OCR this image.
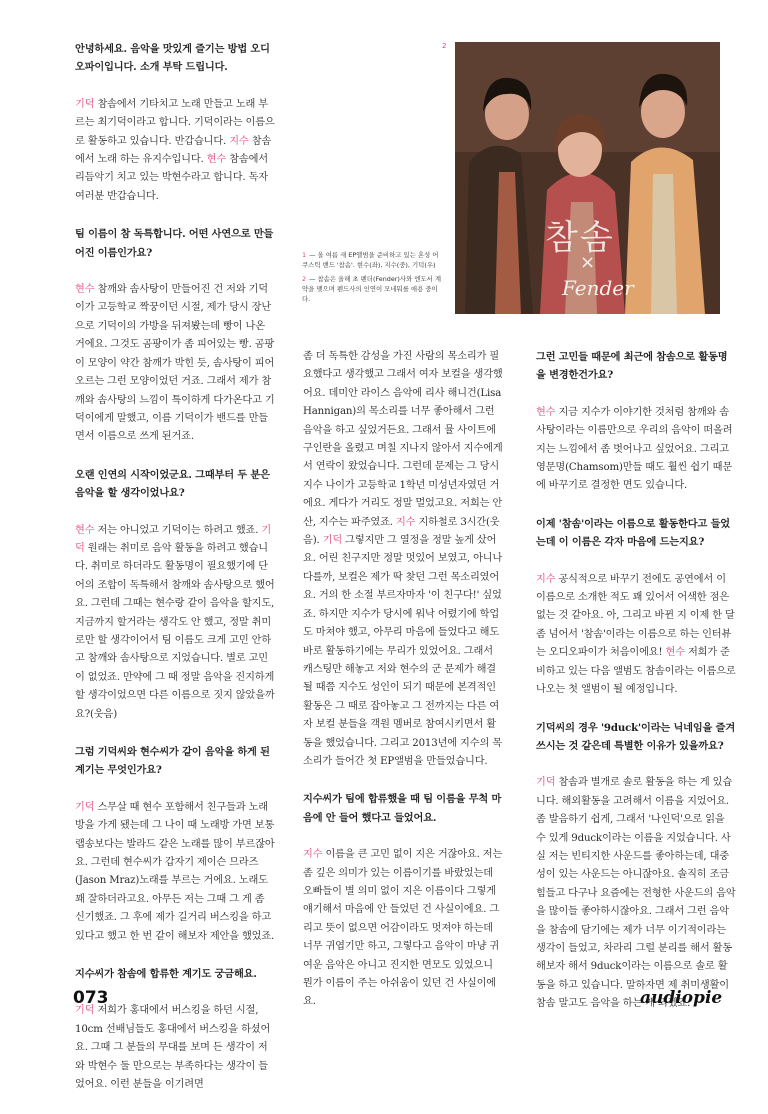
2
참솜
×
Fender
1 — 올 여름 새 EP앨범을 준비하고 있는 혼성 어쿠스틱 밴드 '참솜'. 현수(좌), 지수(중), 기덕(우)
2 — 참솜은 올해 초 펜더(Fender)사와 엔도서 계약을 맺으며 펜드사의 인연이 모네뭐를 애용 중이다.

안녕하세요. 음악을 맛있게 즐기는 방법 오디오파이입니다. 소개 부탁 드립니다.

기덕 참솜에서 기타치고 노래 만들고 노래 부르는 최기덕이라고 합니다. 기덕이라는 이름으로 활동하고 있습니다. 반갑습니다. 지수 참솜에서 노래 하는 유지수입니다. 현수 참솜에서 리듬악기 치고 있는 박현수라고 합니다. 독자 여러분 반갑습니다.

팀 이름이 참 독특합니다. 어떤 사연으로 만들어진 이름인가요?

현수 참깨와 솜사탕이 만들어진 건 저와 기덕이가 고등학교 짝꿍이던 시절, 제가 당시 장난으로 기덕이의 가방을 뒤져봤는데 빵이 나온 거에요. 그것도 곰팡이가 좀 피어있는 빵. 곰팡이 모양이 약간 참깨가 박힌 듯, 솜사탕이 피어 오르는 그런 모양이었던 거죠. 그래서 제가 참깨와 솜사탕의 느낌이 특이하게 다가온다고 기덕이에게 말했고, 이름 기덕이가 밴드를 만들면서 이름으로 쓰게 된거죠.

오랜 인연의 시작이었군요. 그때부터 두 분은 음악을 할 생각이었나요?

현수 저는 아니었고 기덕이는 하려고 했죠. 기덕 원래는 취미로 음악 활동을 하려고 했습니다. 취미로 하더라도 활동명이 필요했기에 단어의 조합이 독특해서 참깨와 솜사탕으로 했어요. 그런데 그때는 현수랑 같이 음악을 할지도, 지금까지 할거라는 생각도 안 했고, 정말 취미로만 할 생각이어서 팀 이름도 크게 고민 안하고 참깨와 솜사탕으로 지었습니다. 별로 고민이 없었죠. 만약에 그 때 정말 음악을 진지하게 할 생각이었으면 다른 이름으로 짓지 않았을까요?(웃음)

그럼 기덕씨와 현수씨가 같이 음악을 하게 된 계기는 무엇인가요?

기덕 스무살 때 현수 포함해서 친구들과 노래방을 가게 됐는데 그 나이 때 노래방 가면 보통 랩송보다는 발라드 같은 노래를 많이 부르잖아요. 그런데 현수씨가 갑자기 제이슨 므라즈(Jason Mraz)노래를 부르는 거에요. 노래도 꽤 잘하더라고요. 아무든 저는 그때 그 게 좀 신기했죠. 그 후에 제가 길거리 버스킹을 하고 있다고 했고 한 번 같이 해보자 제안을 했었죠.

지수씨가 참솜에 합류한 계기도 궁금해요.

기덕 저희가 홍대에서 버스킹을 하던 시절, 10cm 선배님들도 홍대에서 버스킹을 하셨어요. 그때 그 분들의 무대를 보며 든 생각이 저와 박현수 둘 만으로는 부족하다는 생각이 들었어요. 이런 분들을 이기려면

좀 더 독특한 감성을 가진 사람의 목소리가 필요했다고 생각했고 그래서 여자 보컬을 생각했어요. 데미안 라이스 음악에 리사 해니건(Lisa Hannigan)의 목소리를 너무 좋아해서 그런 음악을 하고 싶었거든요. 그래서 뮬 사이트에 구인란을 올렸고 며칠 지나지 않아서 지수에게서 연락이 왔었습니다. 그런데 문제는 그 당시 지수 나이가 고등학교 1학년 미성년자였던 거에요. 게다가 거리도 정말 멀었고요. 저희는 안산, 지수는 파주였죠. 지수 지하철로 3시간(웃음). 기덕 그렇지만 그 열정을 정말 높게 샀어요. 어린 친구지만 정말 멋있어 보였고, 아니나 다를까, 보컬은 제가 딱 찾던 그런 목소리였어요. 거의 한 소절 부르자마자 '이 친구다!' 싶었죠. 하지만 지수가 당시에 워낙 어렸기에 학업도 마쳐야 했고, 아무리 마음에 들었다고 해도 바로 활동하기에는 무리가 있었어요. 그래서 캐스팅만 해놓고 저와 현수의 군 문제가 해결될 때쯤 지수도 성인이 되기 때문에 본격적인 활동은 그 때로 잡아놓고 그 전까지는 다른 여자 보컬 분들을 객원 멤버로 참여시키면서 활동을 했었습니다. 그리고 2013년에 지수의 목소리가 들어간 첫 EP앨범을 만들었습니다.

지수씨가 팀에 합류했을 때 팀 이름을 무척 마음에 안 들어 했다고 들었어요.

지수 이름을 큰 고민 없이 지은 거잖아요. 저는 좀 깊은 의미가 있는 이름이기를 바랐었는데 오빠들이 별 의미 없이 지은 이름이다 그렇게 얘기해서 마음에 안 들었던 건 사실이에요. 그리고 뜻이 없으면 어감이라도 멋져야 하는데 너무 귀엽기만 하고, 그렇다고 음악이 마냥 귀여운 음악은 아니고 진지한 면모도 있었으니 뭔가 이름이 주는 아쉬움이 있던 건 사실이에요.

그런 고민들 때문에 최근에 참솜으로 활동명을 변경한건가요?

현수 지금 지수가 이야기한 것처럼 참깨와 솜사탕이라는 이름만으로 우리의 음악이 떠올려지는 느낌에서 좀 벗어나고 싶었어요. 그리고 영문명(Chamsom)만들 때도 훨씬 쉽기 때문에 바꾸기로 결정한 면도 있습니다.

이제 '참솜'이라는 이름으로 활동한다고 들었는데 이 이름은 각자 마음에 드는지요?

지수 공식적으로 바꾸기 전에도 공연에서 이 이름으로 소개한 적도 꽤 있어서 어색한 점은 없는 것 같아요. 아, 그리고 바뀐 지 이제 한 달 좀 넘어서 '참솜'이라는 이름으로 하는 인터뷰는 오디오파이가 처음이에요! 현수 저희가 준비하고 있는 다음 앨범도 참솜이라는 이름으로 나오는 첫 앨범이 될 예정입니다.

기덕씨의 경우 '9duck'이라는 닉네임을 즐겨 쓰시는 것 같은데 특별한 이유가 있을까요?

기덕 참솜과 별개로 솔로 활동을 하는 게 있습니다. 해외활동을 고려해서 이름을 지었어요. 좀 발음하기 쉽게, 그래서 '나인덕'으로 읽을 수 있게 9duck이라는 이름을 지었습니다. 사실 저는 빈티지한 사운드를 좋아하는데, 대중성이 있는 사운드는 아니잖아요. 솔직히 조금 힘들고 다구나 요즘에는 전형한 사운드의 음악을 많이들 좋아하시잖아요. 그래서 그런 음악을 참솜에 담기에는 제가 너무 이기적이라는 생각이 들었고, 차라리 그럴 분리를 해서 활동해보자 해서 9duck이라는 이름으로 솔로 활동을 하고 있습니다. 말하자면 제 취미생활이 참솜 말고도 음악을 하는 게 되겠죠.

073	audiopie
